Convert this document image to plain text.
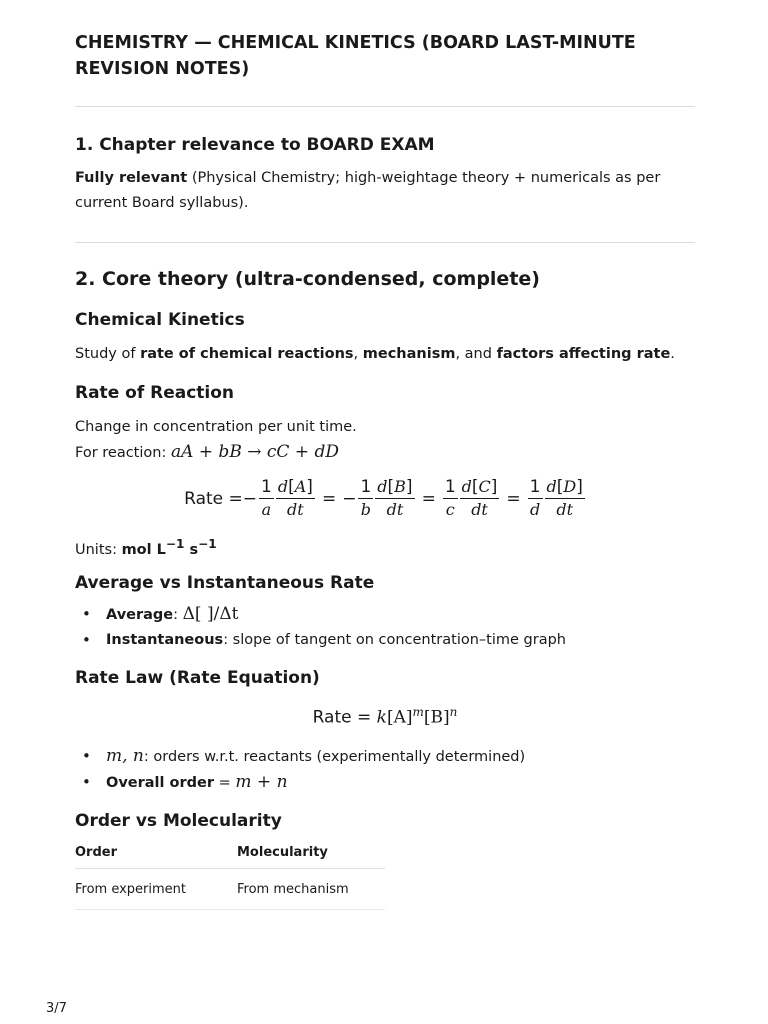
CHEMISTRY — CHEMICAL KINETICS (BOARD LAST-MINUTE REVISION NOTES)
1. Chapter relevance to BOARD EXAM
Fully relevant (Physical Chemistry; high-weightage theory + numericals as per current Board syllabus).
2. Core theory (ultra-condensed, complete)
Chemical Kinetics
Study of rate of chemical reactions, mechanism, and factors affecting rate.
Rate of Reaction
Change in concentration per unit time.
For reaction: aA + bB → cC + dD
Rate =− $\frac{1}{a} \frac{d[A]}{dt}$ = − $\frac{1}{b} \frac{d[B]}{dt} = \frac{1}{c} \frac{d[C]}{dt} = \frac{1}{d} \frac{d[D]}{dt}$
Units: mol $L^{-1}$ $s^{-1}$
Average vs Instantaneous Rate
• Average: Δ[ ]/Δt
• Instantaneous: slope of tangent on concentration–time graph
Rate Law (Rate Equation)
Rate = $k[A]^m[B]^n$
• m, n: orders w.r.t. reactants (experimentally determined)
• Overall order = m + n
Order vs Molecularity
Order	Molecularity
From experiment	From mechanism
3/7
